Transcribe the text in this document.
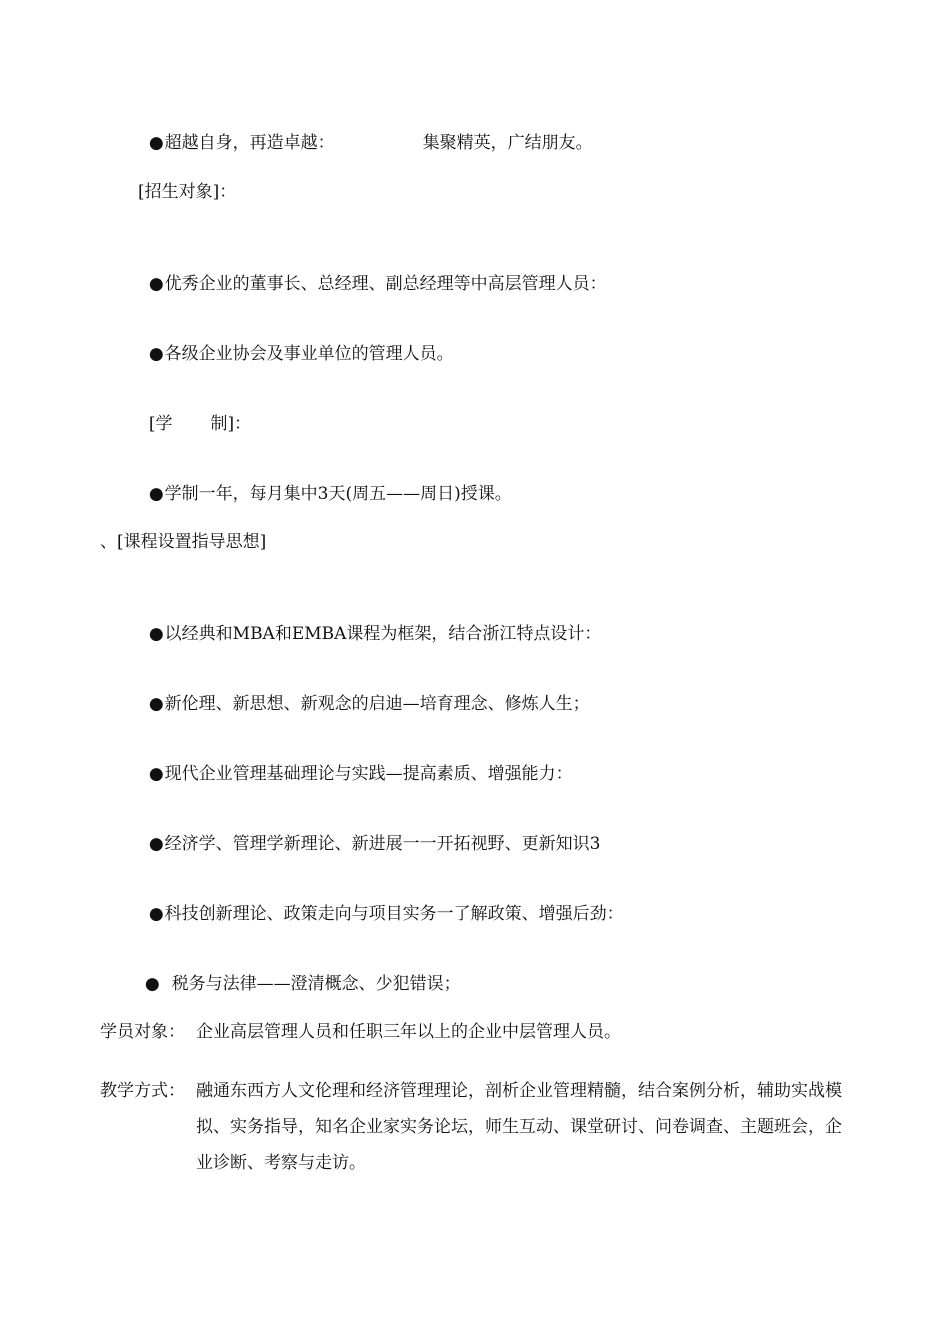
●超越自身，再造卓越：	集聚精英，广结朋友。

[招生对象]：

●优秀企业的董事长、总经理、副总经理等中高层管理人员：

●各级企业协会及事业单位的管理人员。

[学 制]：

●学制一年，每月集中3天(周五——周日)授课。

、[课程设置指导思想]

●以经典和MBA和EMBA课程为框架，结合浙江特点设计：

●新伦理、新思想、新观念的启迪—培育理念、修炼人生；

●现代企业管理基础理论与实践—提高素质、增强能力：

●经济学、管理学新理论、新进展一一开拓视野、更新知识3

●科技创新理论、政策走向与项目实务一了解政策、增强后劲：

● 税务与法律——澄清概念、少犯错误；

学员对象： 企业高层管理人员和任职三年以上的企业中层管理人员。
教学方式： 融通东西方人文伦理和经济管理理论，剖析企业管理精髓，结合案例分析，辅助实战模拟、实务指导，知名企业家实务论坛，师生互动、课堂研讨、问卷调查、主题班会，企业诊断、考察与走访。
